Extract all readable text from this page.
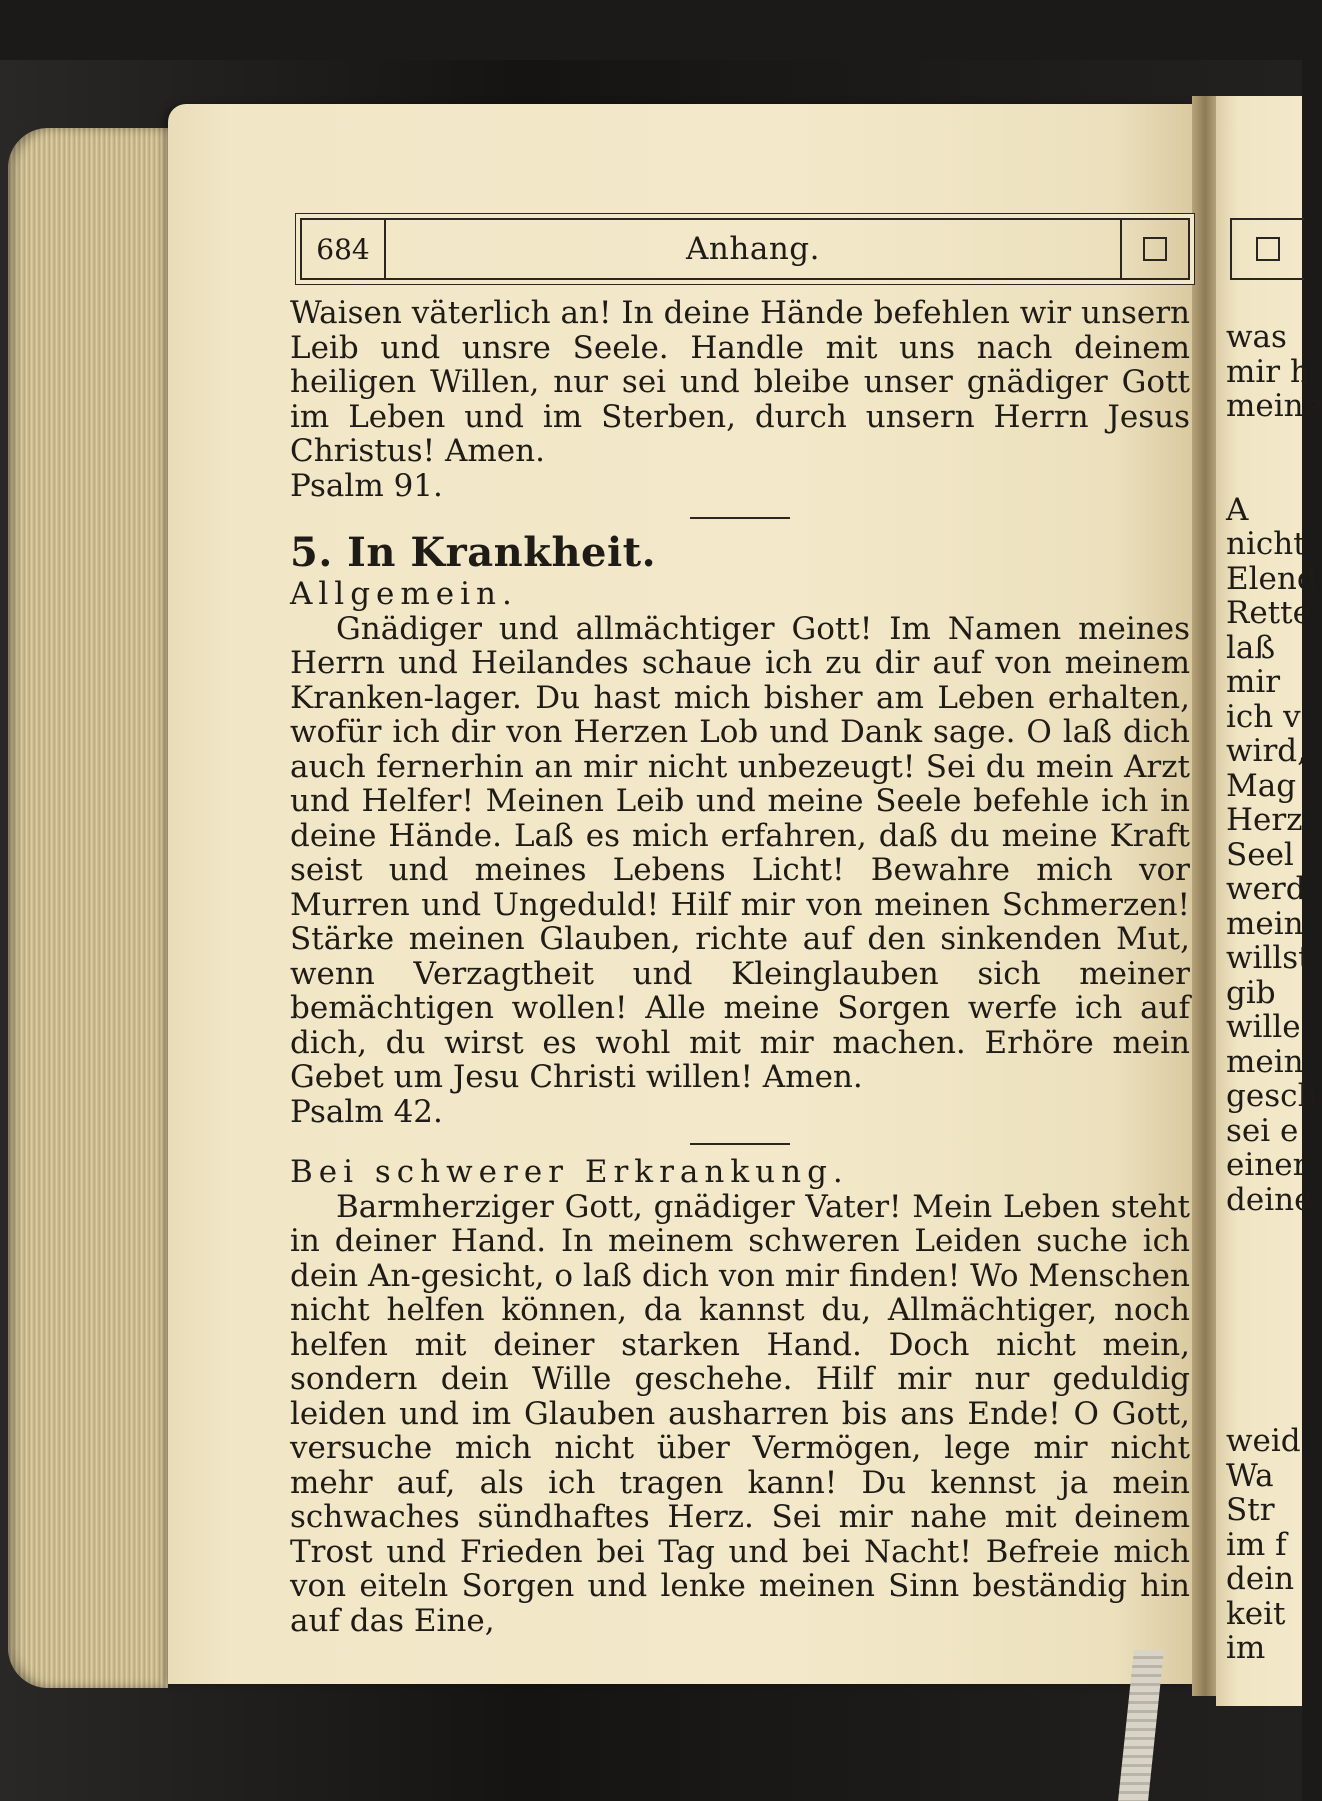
684	Anhang.

Waisen väterlich an! In deine Hände befehlen wir unsern Leib und unsre Seele. Handle mit uns nach deinem heiligen Willen, nur sei und bleibe unser gnädiger Gott im Leben und im Sterben, durch unsern Herrn Jesus Christus! Amen.

Psalm 91.

5. In Krankheit.

Allgemein.

Gnädiger und allmächtiger Gott! Im Namen meines Herrn und Heilandes schaue ich zu dir auf von meinem Kranken-lager. Du hast mich bisher am Leben erhalten, wofür ich dir von Herzen Lob und Dank sage. O laß dich auch fernerhin an mir nicht unbezeugt! Sei du mein Arzt und Helfer! Meinen Leib und meine Seele befehle ich in deine Hände. Laß es mich erfahren, daß du meine Kraft seist und meines Lebens Licht! Bewahre mich vor Murren und Ungeduld! Hilf mir von meinen Schmerzen! Stärke meinen Glauben, richte auf den sinkenden Mut, wenn Verzagtheit und Kleinglauben sich meiner bemächtigen wollen! Alle meine Sorgen werfe ich auf dich, du wirst es wohl mit mir machen. Erhöre mein Gebet um Jesu Christi willen! Amen.

Psalm 42.

Bei schwerer Erkrankung.

Barmherziger Gott, gnädiger Vater! Mein Leben steht in deiner Hand. In meinem schweren Leiden suche ich dein An-gesicht, o laß dich von mir finden! Wo Menschen nicht helfen können, da kannst du, Allmächtiger, noch helfen mit deiner starken Hand. Doch nicht mein, sondern dein Wille geschehe. Hilf mir nur geduldig leiden und im Glauben ausharren bis ans Ende! O Gott, versuche mich nicht über Vermögen, lege mir nicht mehr auf, als ich tragen kann! Du kennst ja mein schwaches sündhaftes Herz. Sei mir nahe mit deinem Trost und Frieden bei Tag und bei Nacht! Befreie mich von eiteln Sorgen und lenke meinen Sinn beständig hin auf das Eine,

was
mir h
meine
A
nicht
Elend
Rette
laß
mir
ich v
wird,
Mag
Herz
Seel
werd
mein
willst
gib
wille
mein
gesch
sei e
einer
deine
weid
Wa
Str
im f
dein
keit
im
